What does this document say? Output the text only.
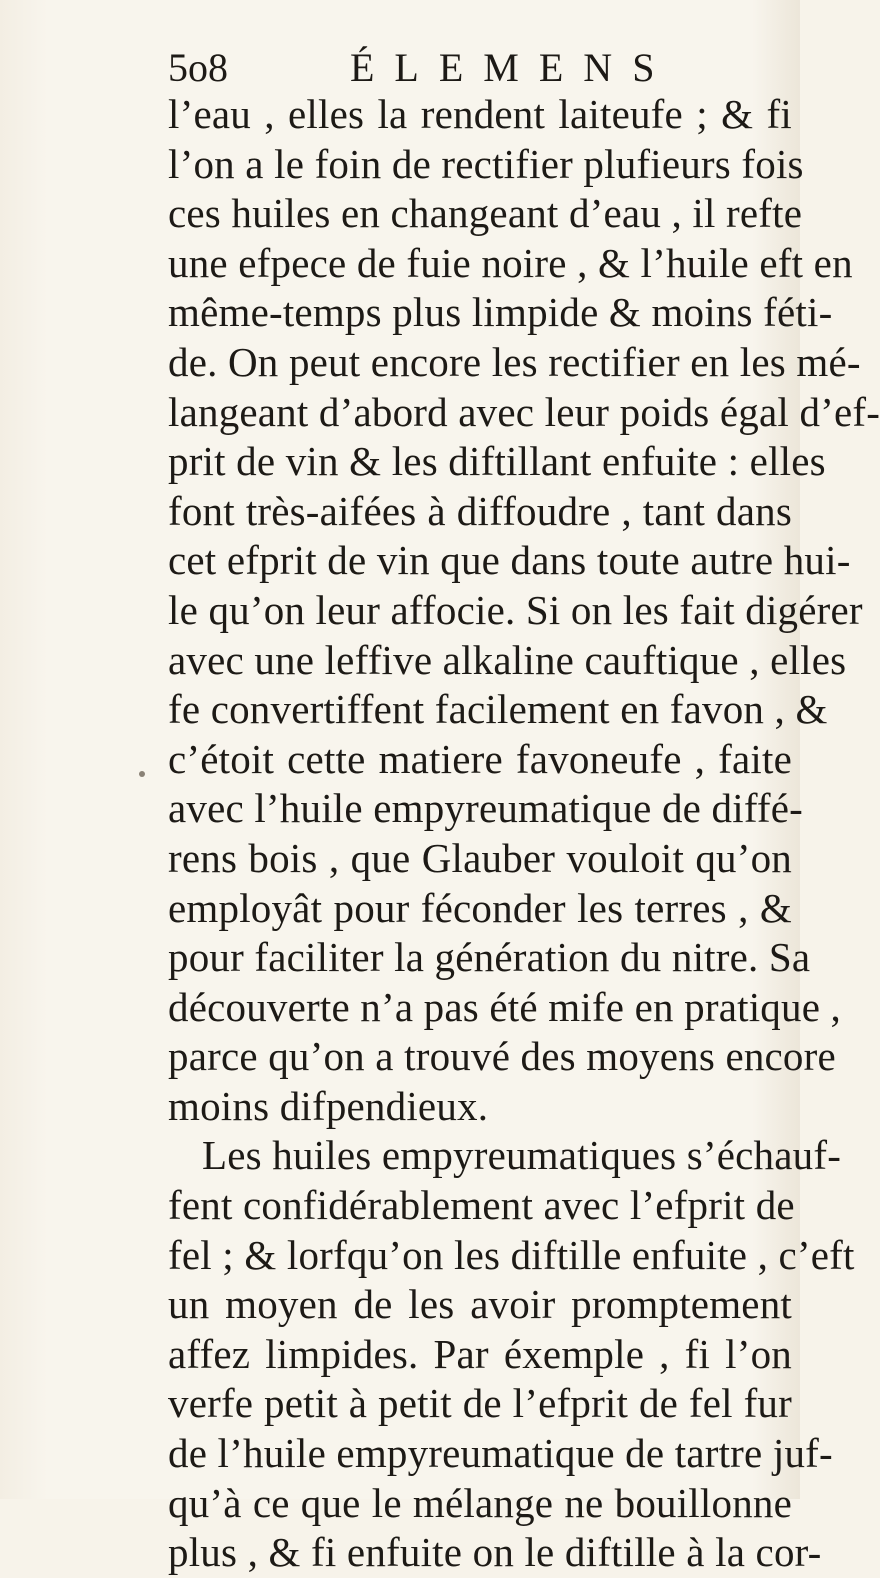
5o8	ÉLEMENS
l’eau , elles la rendent laiteufe ; & fi
l’on a le foin de rectifier plufieurs fois
ces huiles en changeant d’eau , il refte
une efpece de fuie noire , & l’huile eft en
même-temps plus limpide & moins féti-
de. On peut encore les rectifier en les mé-
langeant d’abord avec leur poids égal d’ef-
prit de vin & les diftillant enfuite : elles
font très-aifées à diffoudre , tant dans
cet efprit de vin que dans toute autre hui-
le qu’on leur affocie. Si on les fait digérer
avec une leffive alkaline cauftique , elles
fe convertiffent facilement en favon , &
c’étoit cette matiere favoneufe , faite
avec l’huile empyreumatique de diffé-
rens bois , que Glauber vouloit qu’on
employât pour féconder les terres , &
pour faciliter la génération du nitre. Sa
découverte n’a pas été mife en pratique ,
parce qu’on a trouvé des moyens encore
moins difpendieux.
Les huiles empyreumatiques s’échauf-
fent confidérablement avec l’efprit de
fel ; & lorfqu’on les diftille enfuite , c’eft
un moyen de les avoir promptement
affez limpides. Par éxemple , fi l’on
verfe petit à petit de l’efprit de fel fur
de l’huile empyreumatique de tartre juf-
qu’à ce que le mélange ne bouillonne
plus , & fi enfuite on le diftille à la cor-
